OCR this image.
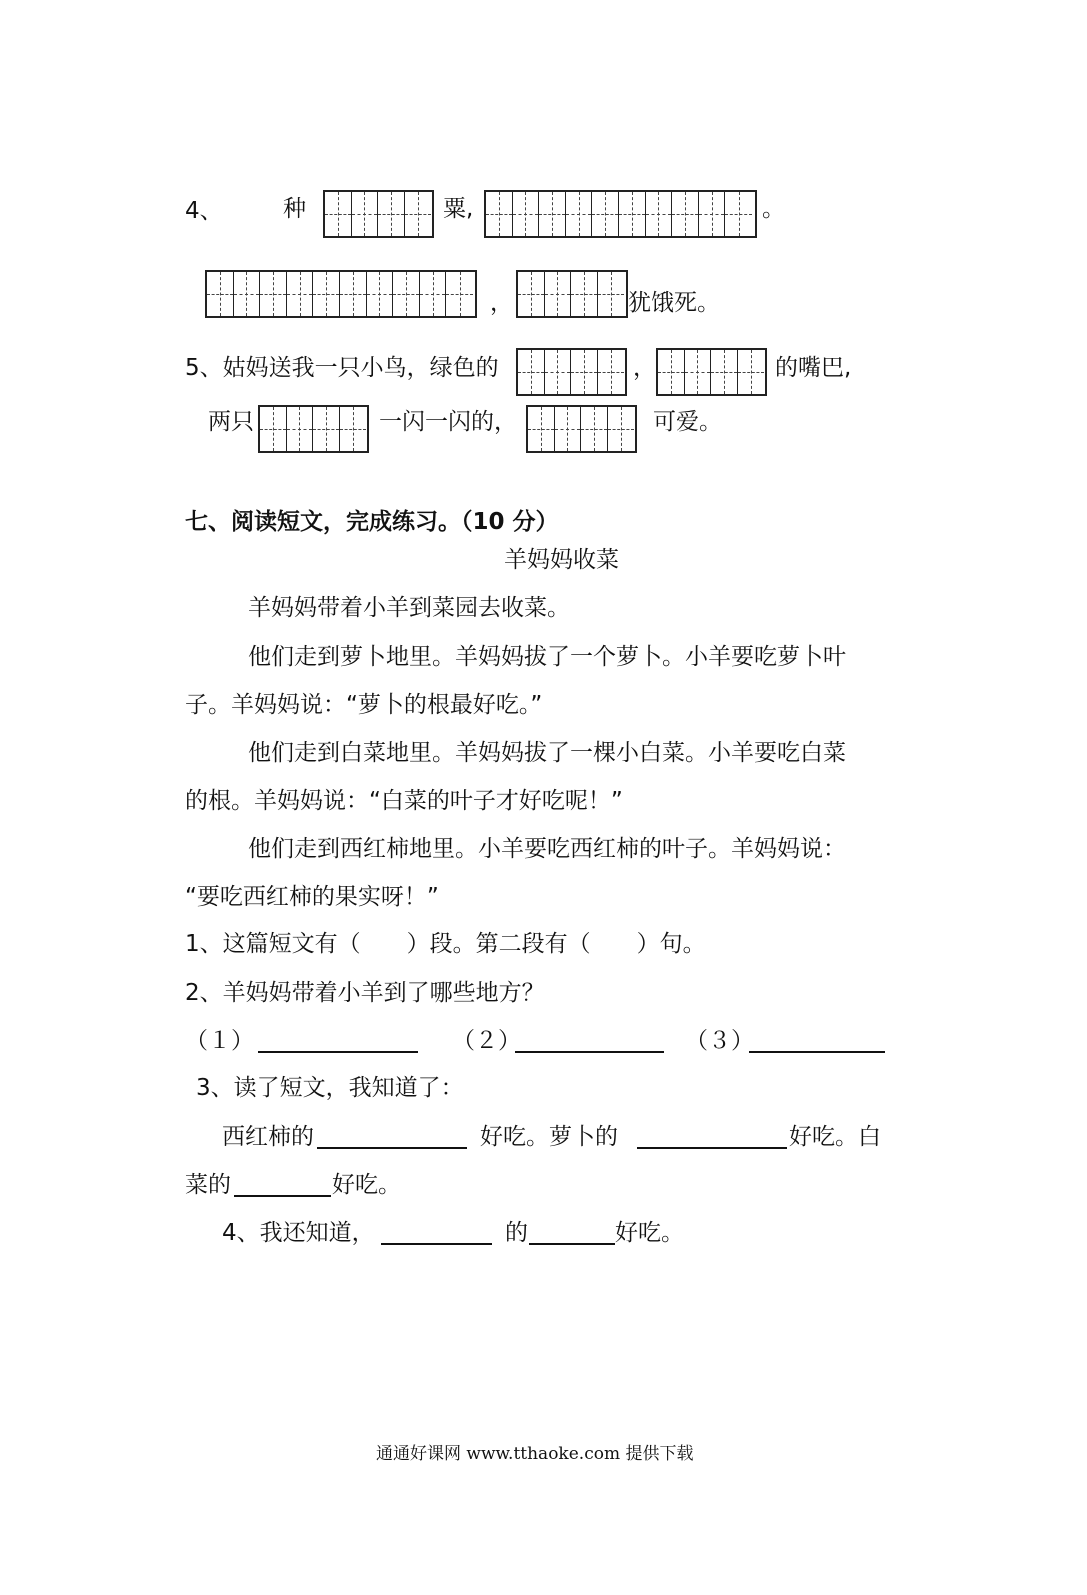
4、	种	粟,	。
，	犹饿死。
5、姑妈送我一只小鸟，绿色的	，	的嘴巴,
两只	一闪一闪的，	可爱。
七、阅读短文，完成练习。（10 分）
羊妈妈收菜
羊妈妈带着小羊到菜园去收菜。
他们走到萝卜地里。羊妈妈拔了一个萝卜。小羊要吃萝卜叶
子。羊妈妈说：“萝卜的根最好吃。”
他们走到白菜地里。羊妈妈拔了一棵小白菜。小羊要吃白菜
的根。羊妈妈说：“白菜的叶子才好吃呢！”
他们走到西红柿地里。小羊要吃西红柿的叶子。羊妈妈说：
“要吃西红柿的果实呀！”
1、这篇短文有（　　）段。第二段有（　　）句。
2、羊妈妈带着小羊到了哪些地方？
（１）	（２）	（３）
3、读了短文，我知道了：
西红柿的	好吃。萝卜的	好吃。白
菜的	好吃。
4、我还知道，	的	好吃。
通通好课网 www.tthaoke.com 提供下载
